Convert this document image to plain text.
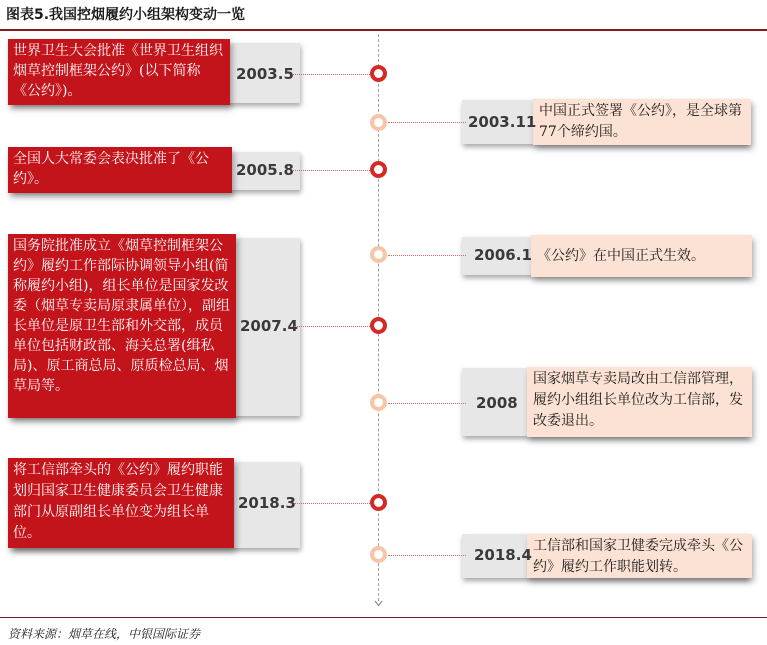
图表5.我国控烟履约小组架构变动一览
世界卫生大会批准《世界卫生组织烟草控制框架公约》(以下简称《公约》)。
2003.5
中国正式签署《公约》，是全球第77个缔约国。
2003.11
全国人大常委会表决批准了《公约》。	2005.8
《公约》在中国正式生效。
2006.1
国务院批准成立《烟草控制框架公约》履约工作部际协调领导小组(简称履约小组)，组长单位是国家发改委（烟草专卖局原隶属单位），副组长单位是原卫生部和外交部，成员单位包括财政部、海关总署(缉私局)、原工商总局、原质检总局、烟草局等。
2007.4
国家烟草专卖局改由工信部管理，履约小组组长单位改为工信部，发改委退出。
2008
将工信部牵头的《公约》履约职能划归国家卫生健康委员会卫生健康部门从原副组长单位变为组长单位。
2018.3
工信部和国家卫健委完成牵头《公约》履约工作职能划转。
2018.4
资料来源：烟草在线，中银国际证券
